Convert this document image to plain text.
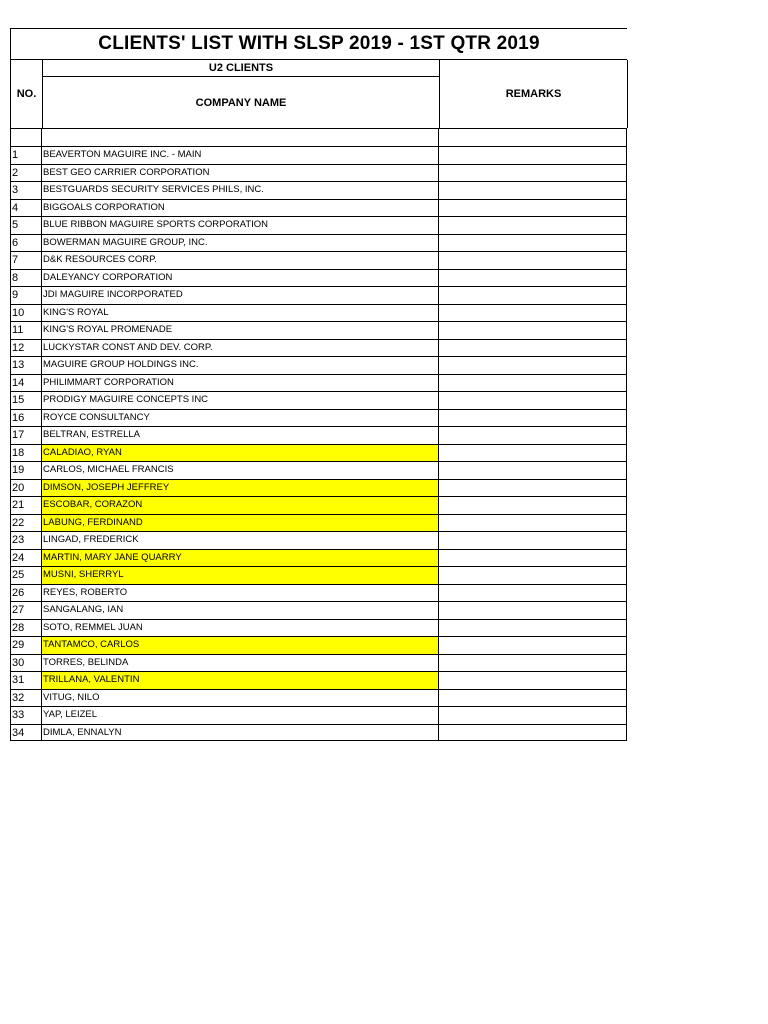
CLIENTS' LIST WITH SLSP 2019 - 1ST QTR 2019
NO.
U2 CLIENTS
COMPANY NAME
REMARKS
1	BEAVERTON MAGUIRE INC. - MAIN
2	BEST GEO CARRIER CORPORATION
3	BESTGUARDS SECURITY SERVICES PHILS, INC.
4	BIGGOALS CORPORATION
5	BLUE RIBBON MAGUIRE SPORTS CORPORATION
6	BOWERMAN MAGUIRE GROUP, INC.
7	D&K RESOURCES CORP.
8	DALEYANCY CORPORATION
9	JDI MAGUIRE INCORPORATED
10	KING'S ROYAL
11	KING'S ROYAL PROMENADE
12	LUCKYSTAR CONST AND DEV. CORP.
13	MAGUIRE GROUP HOLDINGS INC.
14	PHILIMMART CORPORATION
15	PRODIGY MAGUIRE CONCEPTS INC
16	ROYCE CONSULTANCY
17	BELTRAN, ESTRELLA
18	CALADIAO, RYAN
19	CARLOS, MICHAEL FRANCIS
20	DIMSON, JOSEPH JEFFREY
21	ESCOBAR, CORAZON
22	LABUNG, FERDINAND
23	LINGAD, FREDERICK
24	MARTIN, MARY JANE QUARRY
25	MUSNI, SHERRYL
26	REYES, ROBERTO
27	SANGALANG, IAN
28	SOTO, REMMEL JUAN
29	TANTAMCO, CARLOS
30	TORRES, BELINDA
31	TRILLANA, VALENTIN
32	VITUG, NILO
33	YAP, LEIZEL
34	DIMLA, ENNALYN
